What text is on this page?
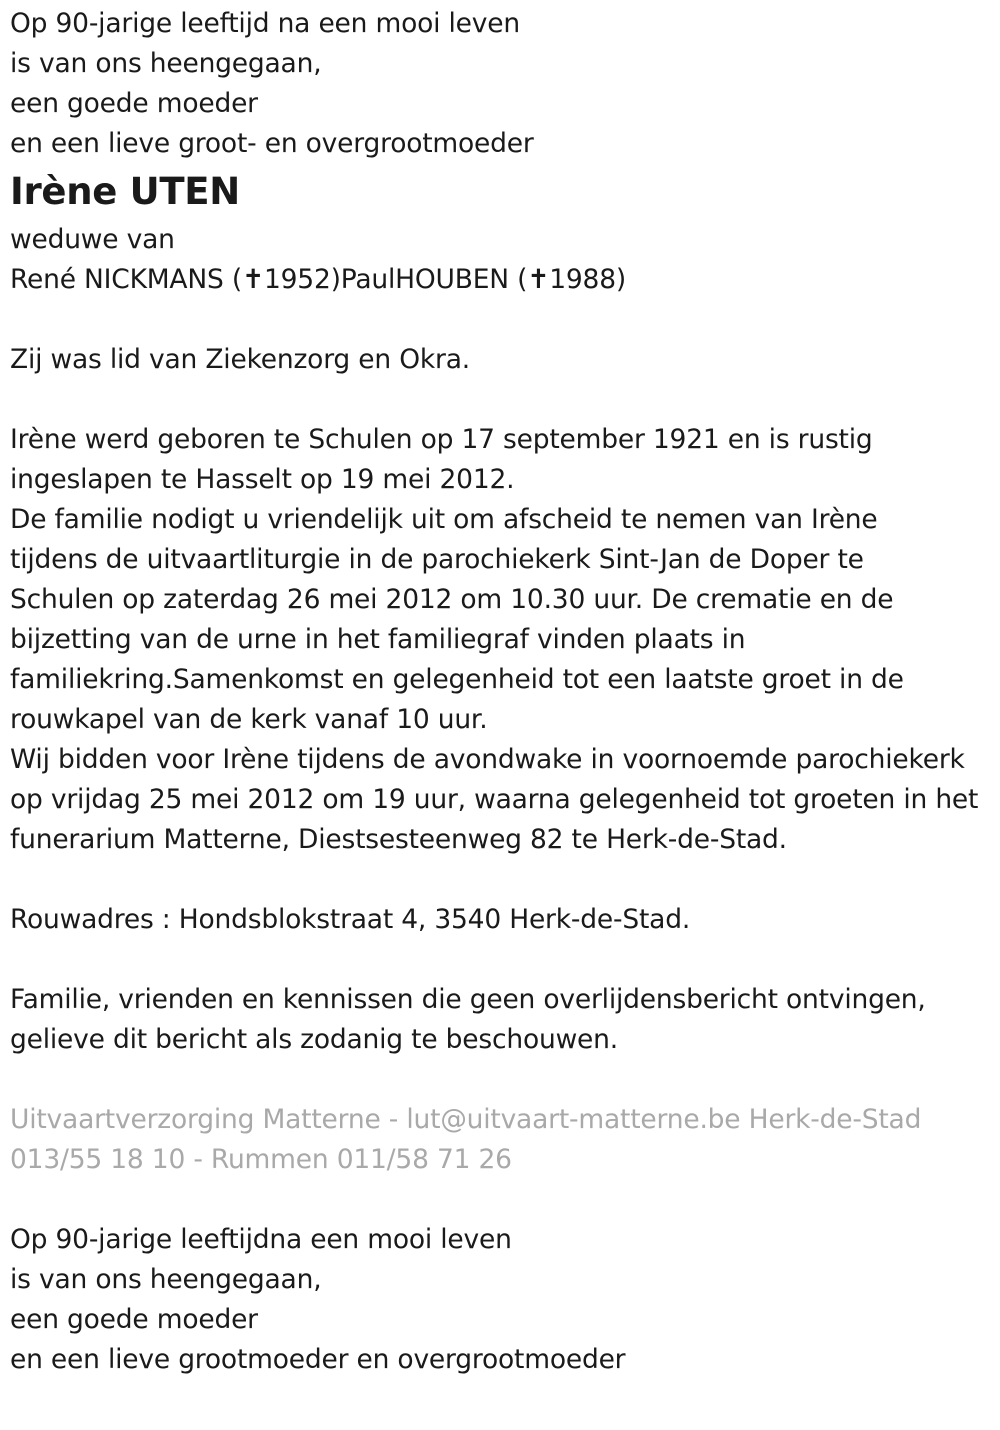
Op 90-jarige leeftijd na een mooi leven
is van ons heengegaan,
een goede moeder
en een lieve groot- en overgrootmoeder
Irène UTEN
weduwe van
René NICKMANS (✝1952)PaulHOUBEN (✝1988)
Zij was lid van Ziekenzorg en Okra.
Irène werd geboren te Schulen op 17 september 1921 en is rustig
ingeslapen te Hasselt op 19 mei 2012.
De familie nodigt u vriendelijk uit om afscheid te nemen van Irène
tijdens de uitvaartliturgie in de parochiekerk Sint-Jan de Doper te
Schulen op zaterdag 26 mei 2012 om 10.30 uur. De crematie en de
bijzetting van de urne in het familiegraf vinden plaats in
familiekring.Samenkomst en gelegenheid tot een laatste groet in de
rouwkapel van de kerk vanaf 10 uur.
Wij bidden voor Irène tijdens de avondwake in voornoemde parochiekerk
op vrijdag 25 mei 2012 om 19 uur, waarna gelegenheid tot groeten in het
funerarium Matterne, Diestsesteenweg 82 te Herk-de-Stad.
Rouwadres : Hondsblokstraat 4, 3540 Herk-de-Stad.
Familie, vrienden en kennissen die geen overlijdensbericht ontvingen,
gelieve dit bericht als zodanig te beschouwen.
Uitvaartverzorging Matterne - lut@uitvaart-matterne.be Herk-de-Stad
013/55 18 10 - Rummen 011/58 71 26
Op 90-jarige leeftijdna een mooi leven
is van ons heengegaan,
een goede moeder
en een lieve grootmoeder en overgrootmoeder
